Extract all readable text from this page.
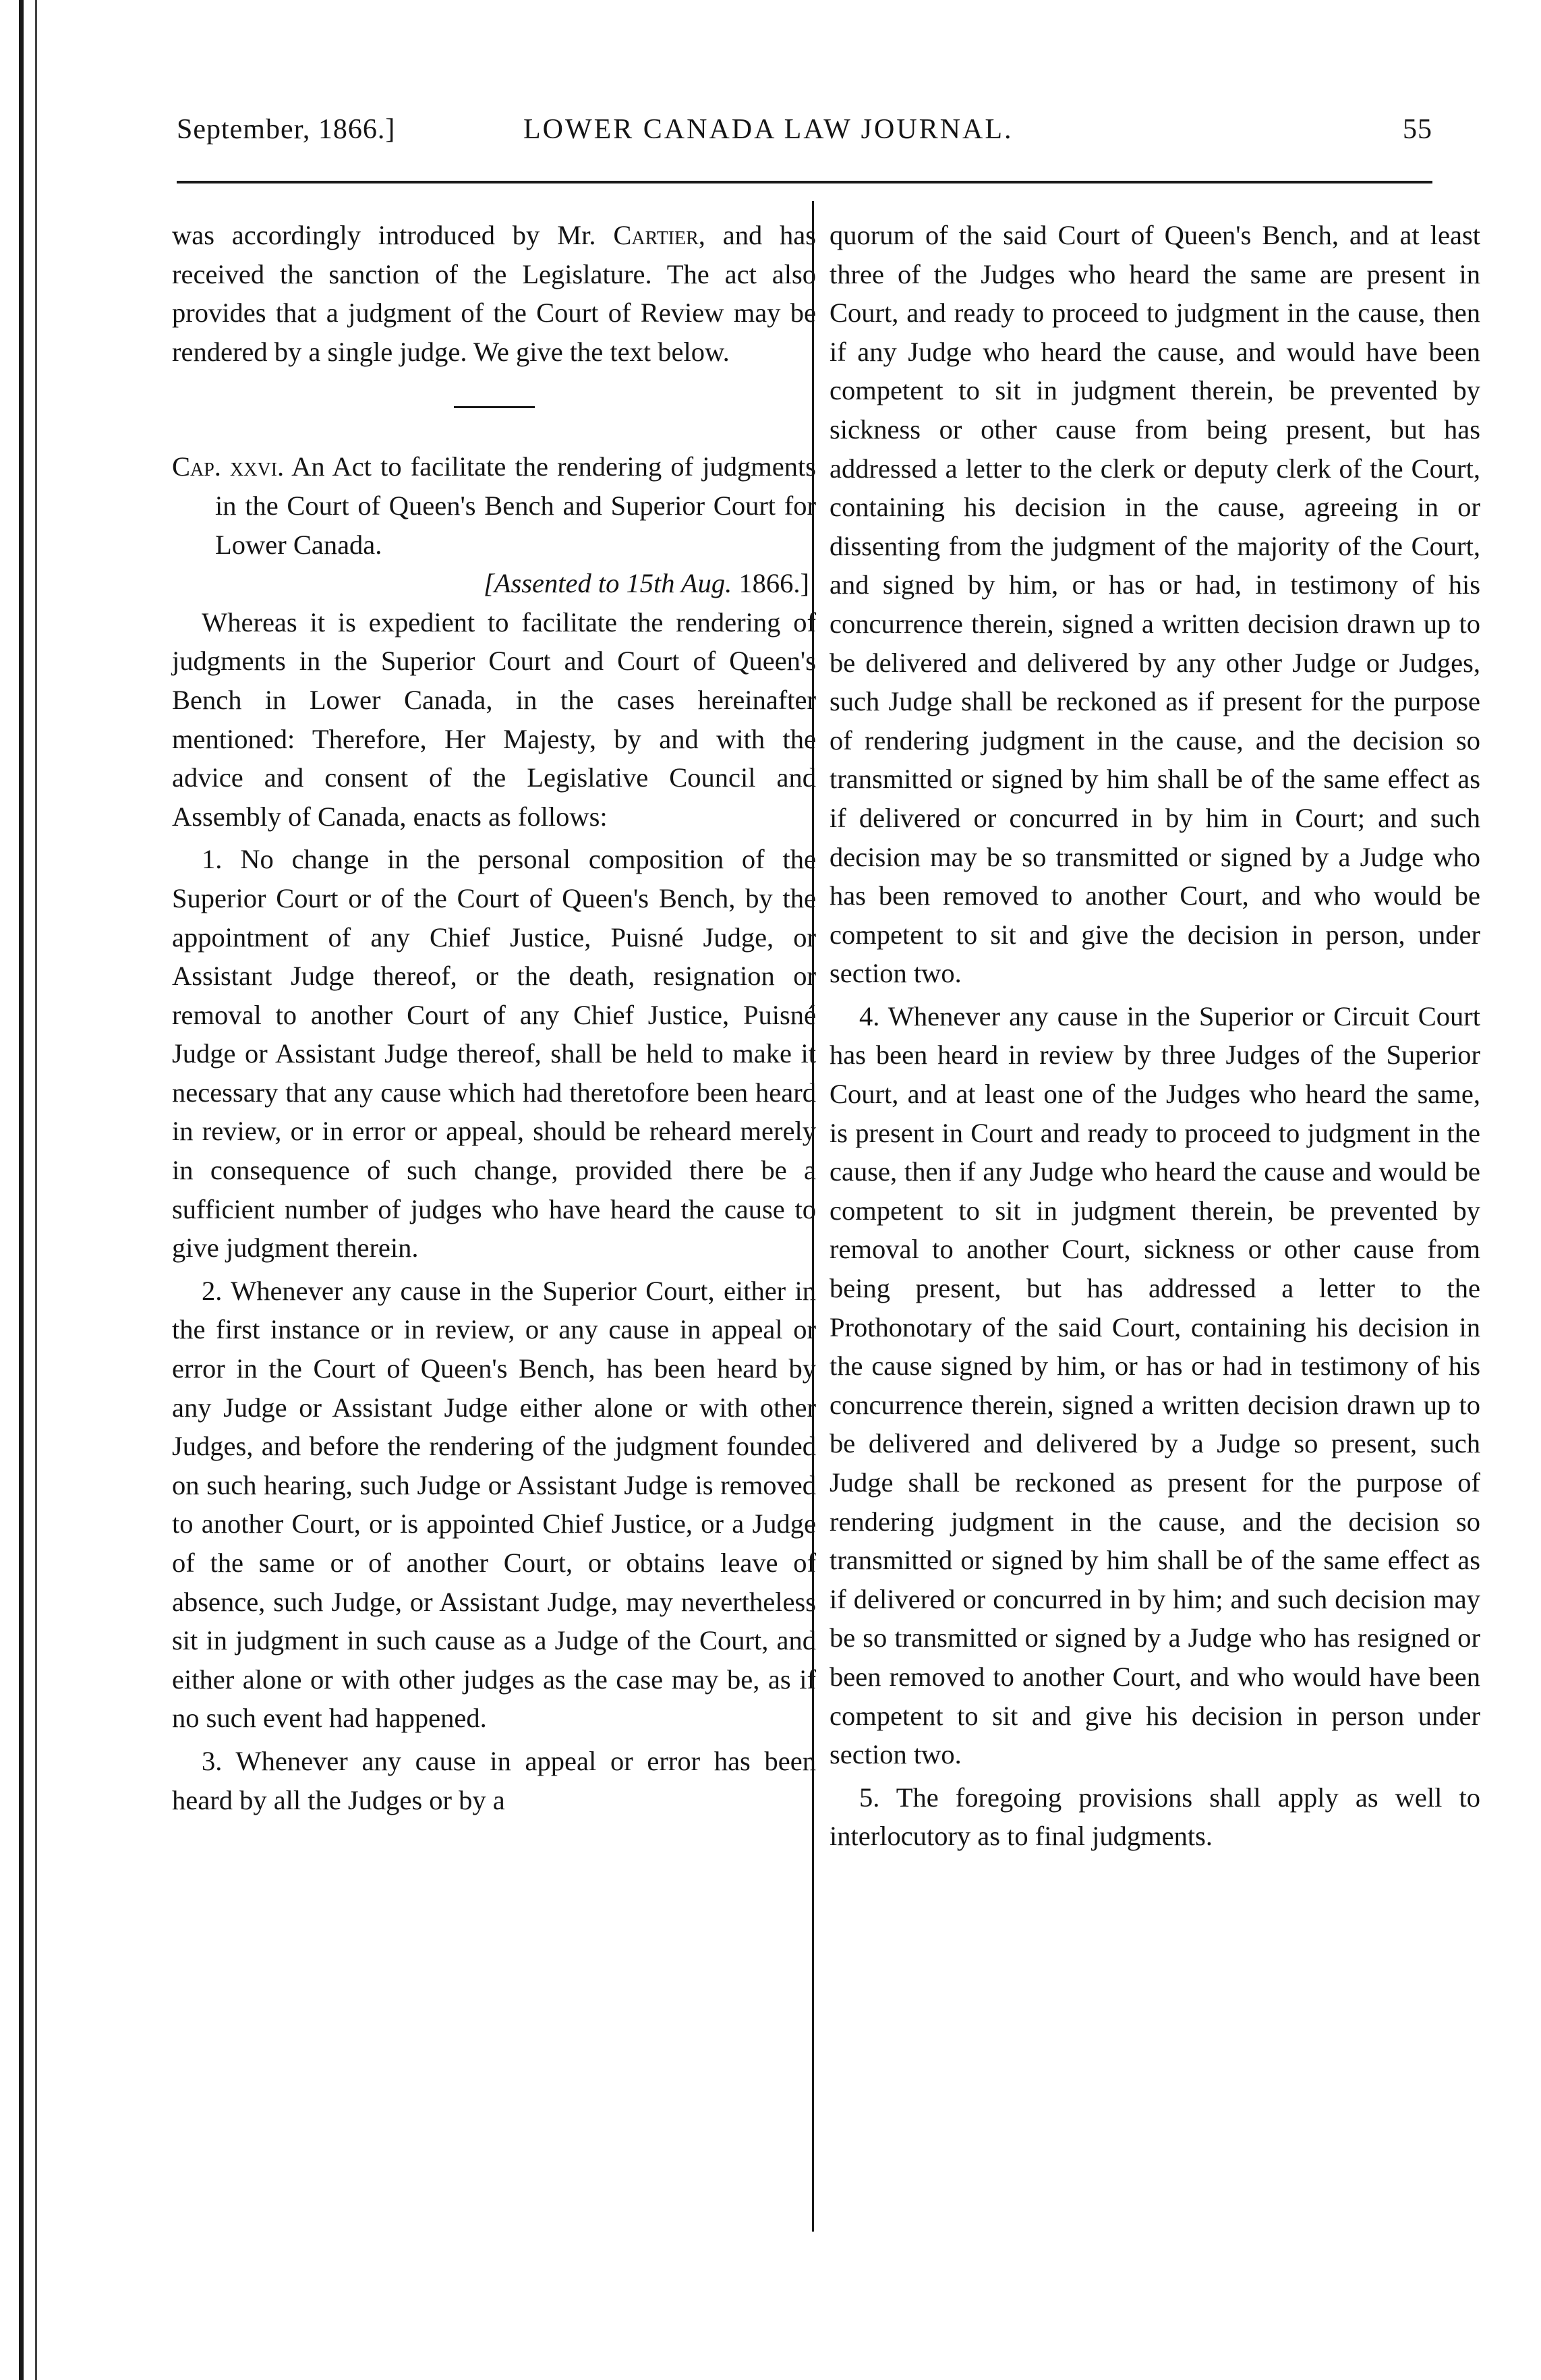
September, 1866.]	LOWER CANADA LAW JOURNAL.	55

was accordingly introduced by Mr. Cartier, and has received the sanction of the Legislature. The act also provides that a judgment of the Court of Review may be rendered by a single judge. We give the text below.

Cap. xxvi. An Act to facilitate the rendering of judgments in the Court of Queen's Bench and Superior Court for Lower Canada.

[Assented to 15th Aug. 1866.]

Whereas it is expedient to facilitate the rendering of judgments in the Superior Court and Court of Queen's Bench in Lower Canada, in the cases hereinafter mentioned: Therefore, Her Majesty, by and with the advice and consent of the Legislative Council and Assembly of Canada, enacts as follows:

1. No change in the personal composition of the Superior Court or of the Court of Queen's Bench, by the appointment of any Chief Justice, Puisné Judge, or Assistant Judge thereof, or the death, resignation or removal to another Court of any Chief Justice, Puisné Judge or Assistant Judge thereof, shall be held to make it necessary that any cause which had theretofore been heard in review, or in error or appeal, should be reheard merely in consequence of such change, provided there be a sufficient number of judges who have heard the cause to give judgment therein.

2. Whenever any cause in the Superior Court, either in the first instance or in review, or any cause in appeal or error in the Court of Queen's Bench, has been heard by any Judge or Assistant Judge either alone or with other Judges, and before the rendering of the judgment founded on such hearing, such Judge or Assistant Judge is removed to another Court, or is appointed Chief Justice, or a Judge of the same or of another Court, or obtains leave of absence, such Judge, or Assistant Judge, may nevertheless sit in judgment in such cause as a Judge of the Court, and either alone or with other judges as the case may be, as if no such event had happened.

3. Whenever any cause in appeal or error has been heard by all the Judges or by a

quorum of the said Court of Queen's Bench, and at least three of the Judges who heard the same are present in Court, and ready to proceed to judgment in the cause, then if any Judge who heard the cause, and would have been competent to sit in judgment therein, be prevented by sickness or other cause from being present, but has addressed a letter to the clerk or deputy clerk of the Court, containing his decision in the cause, agreeing in or dissenting from the judgment of the majority of the Court, and signed by him, or has or had, in testimony of his concurrence therein, signed a written decision drawn up to be delivered and delivered by any other Judge or Judges, such Judge shall be reckoned as if present for the purpose of rendering judgment in the cause, and the decision so transmitted or signed by him shall be of the same effect as if delivered or concurred in by him in Court; and such decision may be so transmitted or signed by a Judge who has been removed to another Court, and who would be competent to sit and give the decision in person, under section two.

4. Whenever any cause in the Superior or Circuit Court has been heard in review by three Judges of the Superior Court, and at least one of the Judges who heard the same, is present in Court and ready to proceed to judgment in the cause, then if any Judge who heard the cause and would be competent to sit in judgment therein, be prevented by removal to another Court, sickness or other cause from being present, but has addressed a letter to the Prothonotary of the said Court, containing his decision in the cause signed by him, or has or had in testimony of his concurrence therein, signed a written decision drawn up to be delivered and delivered by a Judge so present, such Judge shall be reckoned as present for the purpose of rendering judgment in the cause, and the decision so transmitted or signed by him shall be of the same effect as if delivered or concurred in by him; and such decision may be so transmitted or signed by a Judge who has resigned or been removed to another Court, and who would have been competent to sit and give his decision in person under section two.

5. The foregoing provisions shall apply as well to interlocutory as to final judgments.
